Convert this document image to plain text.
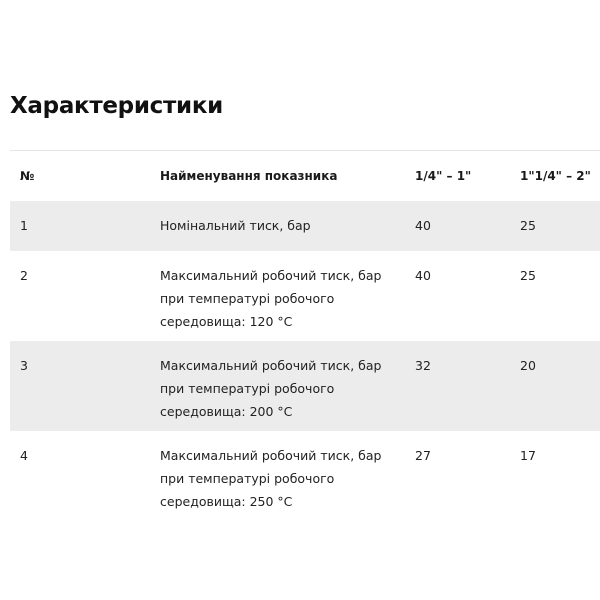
Характеристики
№	Найменування показника	1/4" – 1"	1"1/4" – 2"
1	Номінальний тиск, бар	40	25
2	Максимальний робочий тиск, бар
при температурі робочого
середовища: 120 °C	40	25
3	Максимальний робочий тиск, бар
при температурі робочого
середовища: 200 °C	32	20
4	Максимальний робочий тиск, бар
при температурі робочого
середовища: 250 °C	27	17
